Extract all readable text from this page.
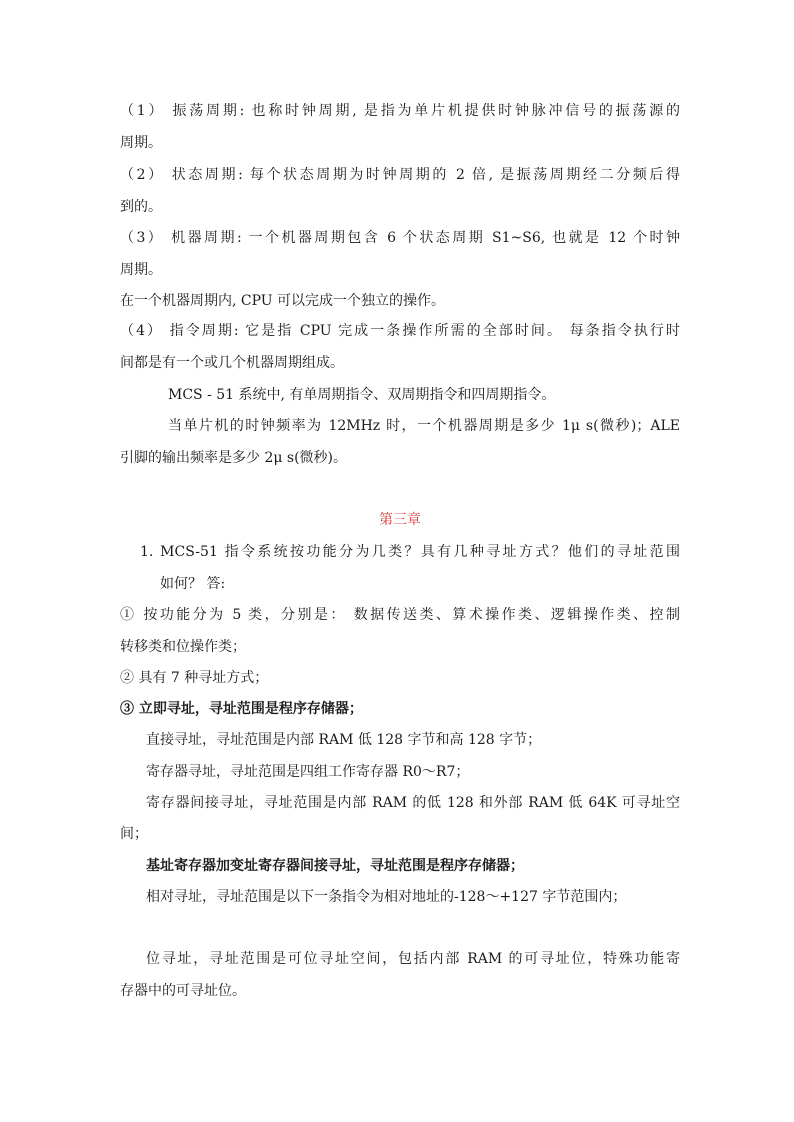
（1） 振荡周期: 也称时钟周期, 是指为单片机提供时钟脉冲信号的振荡源的
周期。
（2） 状态周期: 每个状态周期为时钟周期的 2 倍, 是振荡周期经二分频后得
到的。
（3） 机器周期: 一个机器周期包含 6 个状态周期 S1~S6, 也就是 12 个时钟
周期。
在一个机器周期内, CPU 可以完成一个独立的操作。
（4） 指令周期: 它是指 CPU 完成一条操作所需的全部时间。 每条指令执行时
间都是有一个或几个机器周期组成。
MCS - 51 系统中, 有单周期指令、双周期指令和四周期指令。
当单片机的时钟频率为 12MHz 时，一个机器周期是多少 1μ s(微秒)；ALE
引脚的输出频率是多少 2μ s(微秒)。
第三章
1. MCS-51 指令系统按功能分为几类？具有几种寻址方式？他们的寻址范围
如何？ 答:
① 按功能分为 5 类，分别是： 数据传送类、算术操作类、逻辑操作类、控制
转移类和位操作类；
② 具有 7 种寻址方式；
③ 立即寻址，寻址范围是程序存储器；
直接寻址，寻址范围是内部 RAM 低 128 字节和高 128 字节；
寄存器寻址，寻址范围是四组工作寄存器 R0～R7；
寄存器间接寻址，寻址范围是内部 RAM 的低 128 和外部 RAM 低 64K 可寻址空
间；
基址寄存器加变址寄存器间接寻址，寻址范围是程序存储器；
相对寻址，寻址范围是以下一条指令为相对地址的-128～+127 字节范围内；
位寻址，寻址范围是可位寻址空间，包括内部 RAM 的可寻址位，特殊功能寄
存器中的可寻址位。
